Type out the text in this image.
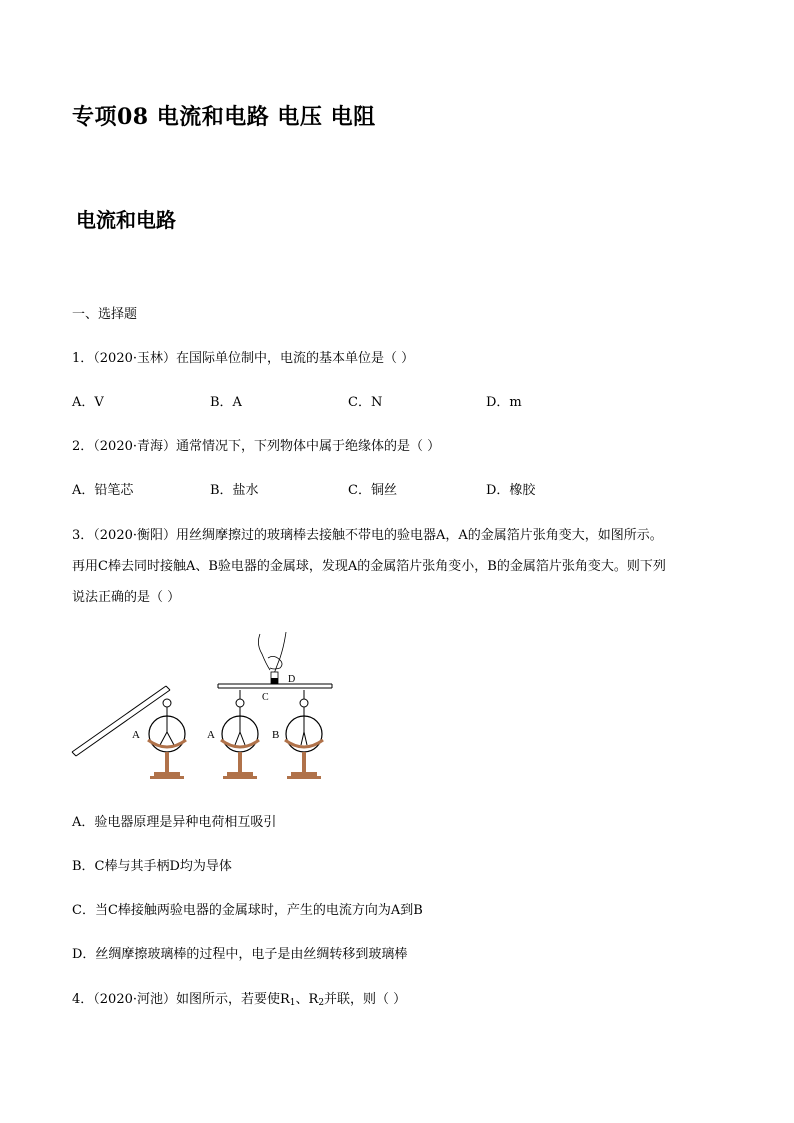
专项08 电流和电路 电压 电阻
电流和电路
一、选择题
1．（2020·玉林）在国际单位制中，电流的基本单位是（ ）
A．V	B．A	C．N	D．m
2．（2020·青海）通常情况下，下列物体中属于绝缘体的是（ ）
A．铅笔芯	B．盐水	C．铜丝	D．橡胶
3．（2020·衡阳）用丝绸摩擦过的玻璃棒去接触不带电的验电器A，A的金属箔片张角变大，如图所示。
再用C棒去同时接触A、B验电器的金属球，发现A的金属箔片张角变小，B的金属箔片张角变大。则下列
说法正确的是（ ）
A
C
D
A	B
A．验电器原理是异种电荷相互吸引
B．C棒与其手柄D均为导体
C．当C棒接触两验电器的金属球时，产生的电流方向为A到B
D．丝绸摩擦玻璃棒的过程中，电子是由丝绸转移到玻璃棒
4．（2020·河池）如图所示，若要使$R_1$、$R_2$并联，则（ ）
